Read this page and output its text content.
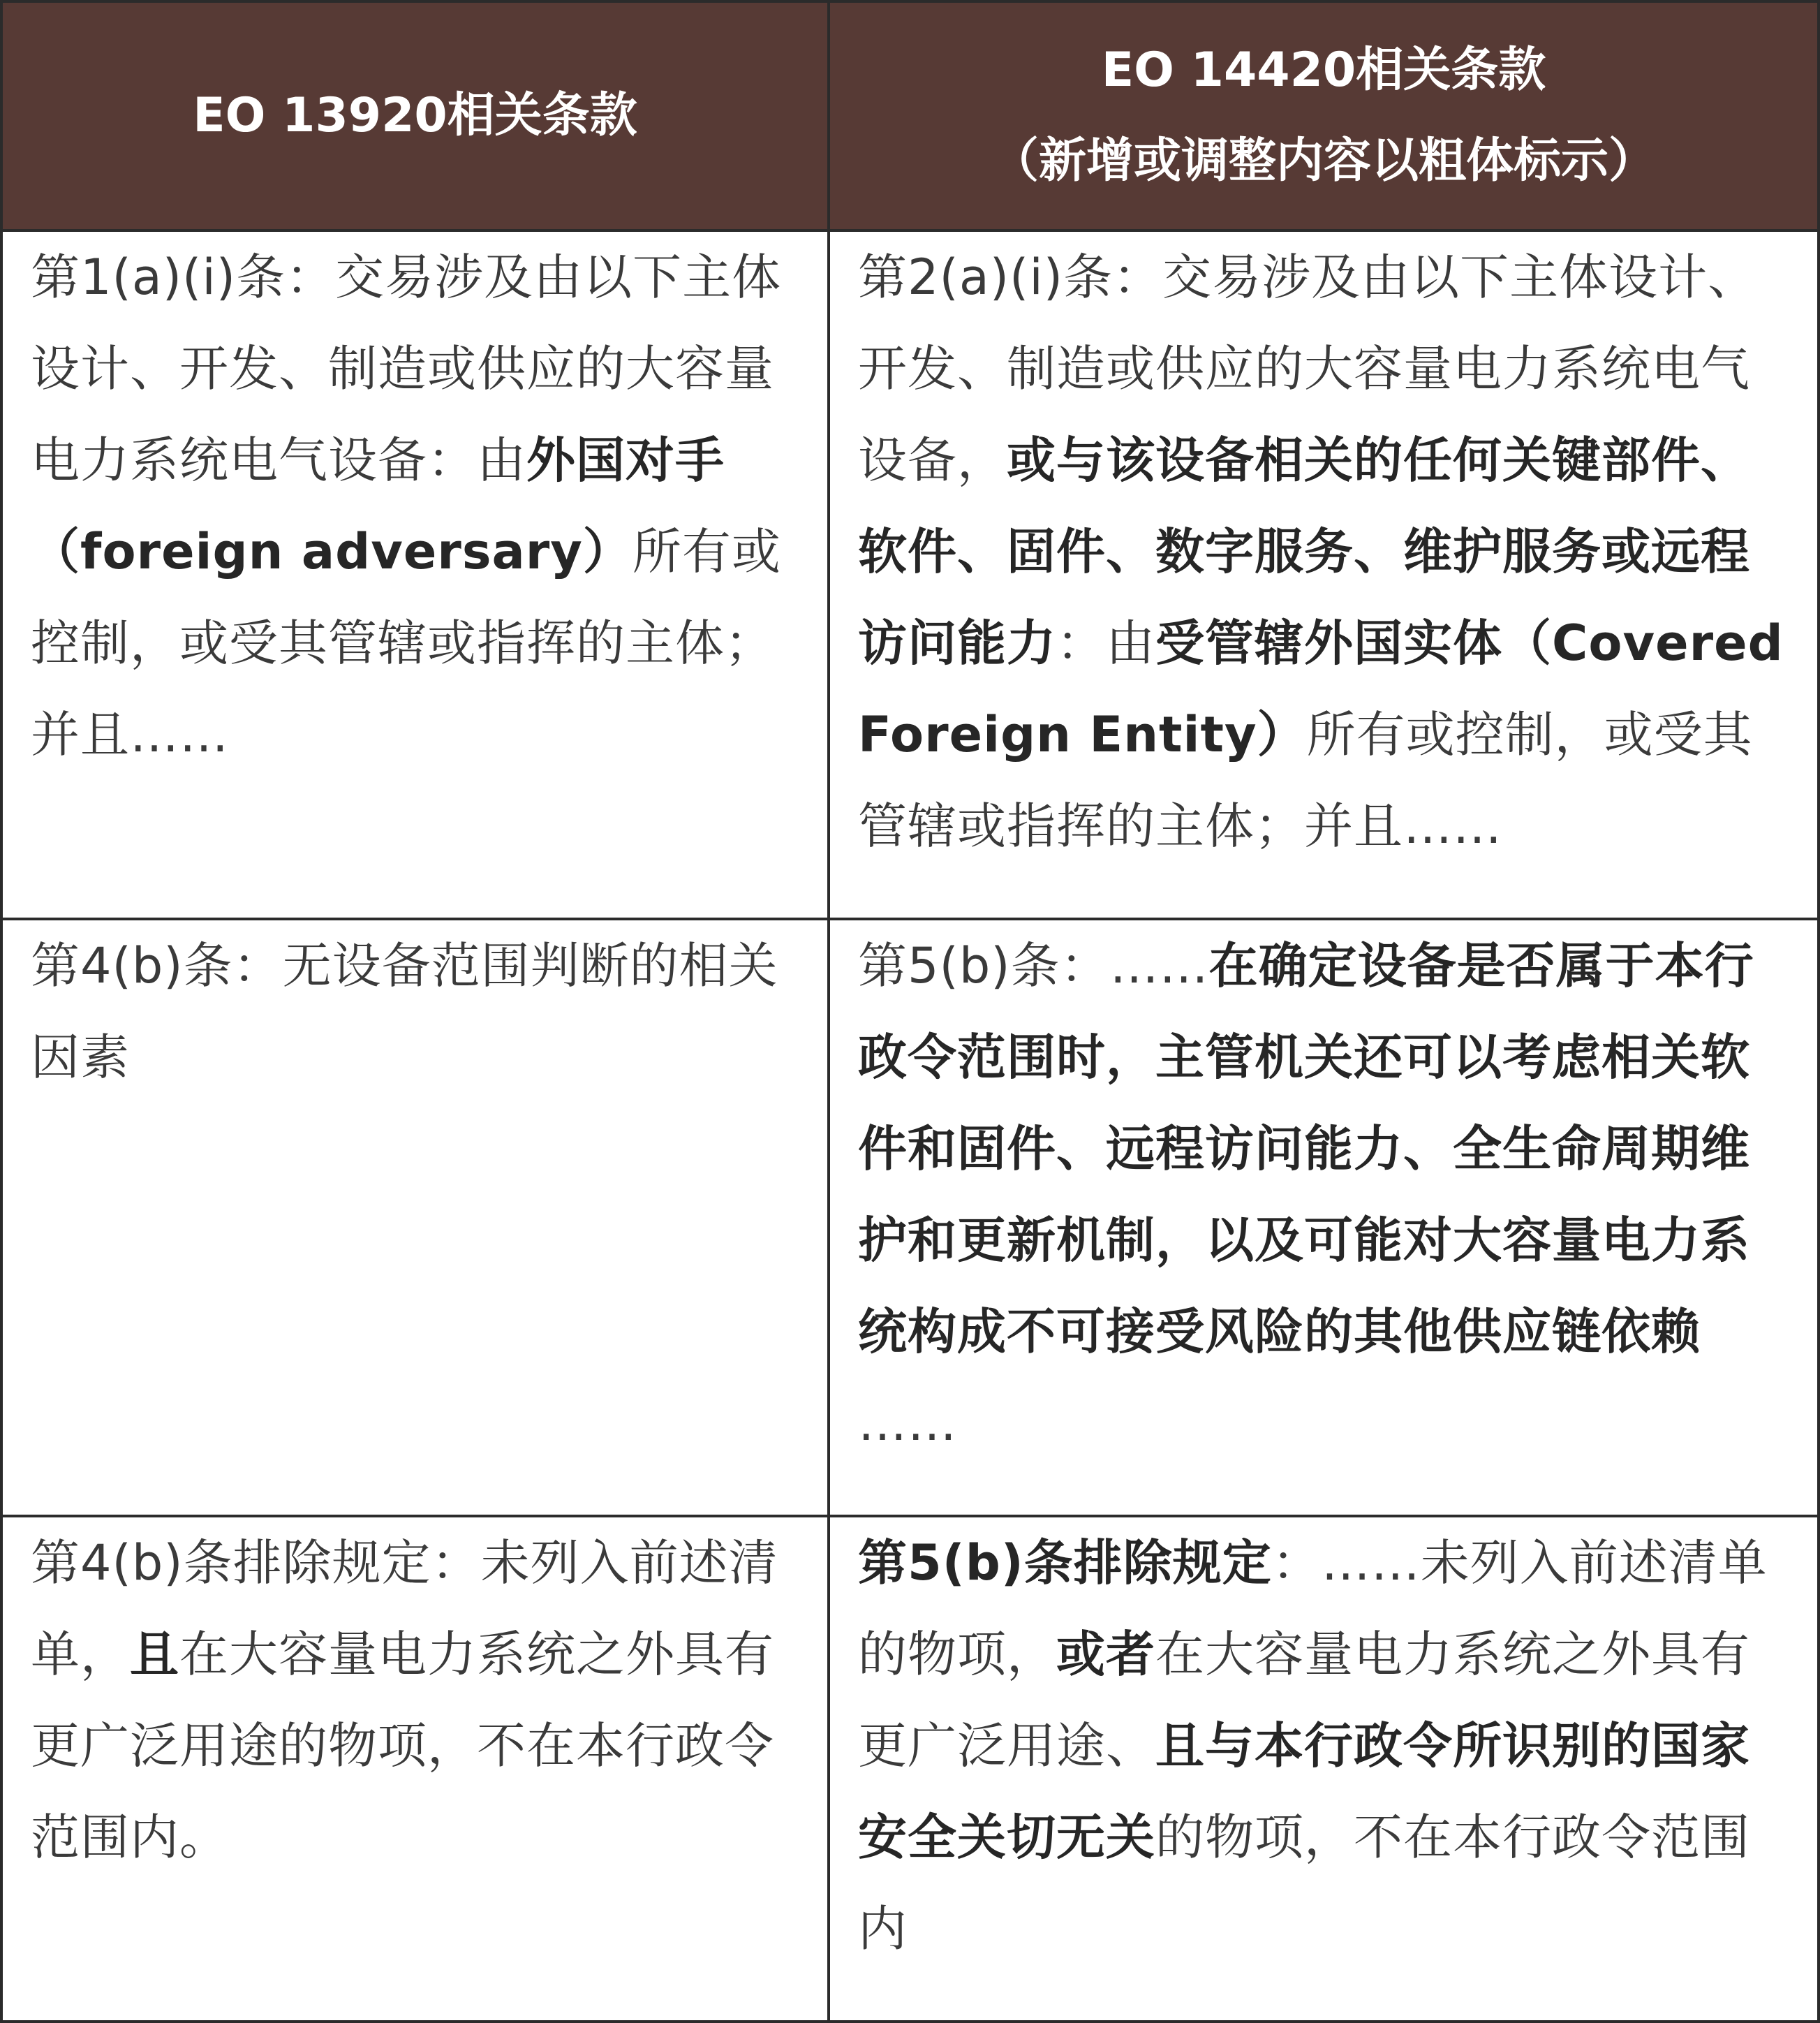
EO 13920相关条款
EO 14420相关条款
（新增或调整内容以粗体标示）

第1(a)(i)条：交易涉及由以下主体设计、开发、制造或供应的大容量电力系统电气设备：由外国对手（foreign adversary）所有或控制，或受其管辖或指挥的主体；并且……

第2(a)(i)条：交易涉及由以下主体设计、开发、制造或供应的大容量电力系统电气设备，或与该设备相关的任何关键部件、软件、固件、数字服务、维护服务或远程访问能力：由受管辖外国实体（Covered Foreign Entity）所有或控制，或受其管辖或指挥的主体；并且……

第4(b)条：无设备范围判断的相关因素

第5(b)条：……在确定设备是否属于本行政令范围时，主管机关还可以考虑相关软件和固件、远程访问能力、全生命周期维护和更新机制，以及可能对大容量电力系统构成不可接受风险的其他供应链依赖
……

第4(b)条排除规定：未列入前述清单，且在大容量电力系统之外具有更广泛用途的物项，不在本行政令范围内。

第5(b)条排除规定：……未列入前述清单的物项，或者在大容量电力系统之外具有更广泛用途、且与本行政令所识别的国家安全关切无关的物项，不在本行政令范围内
